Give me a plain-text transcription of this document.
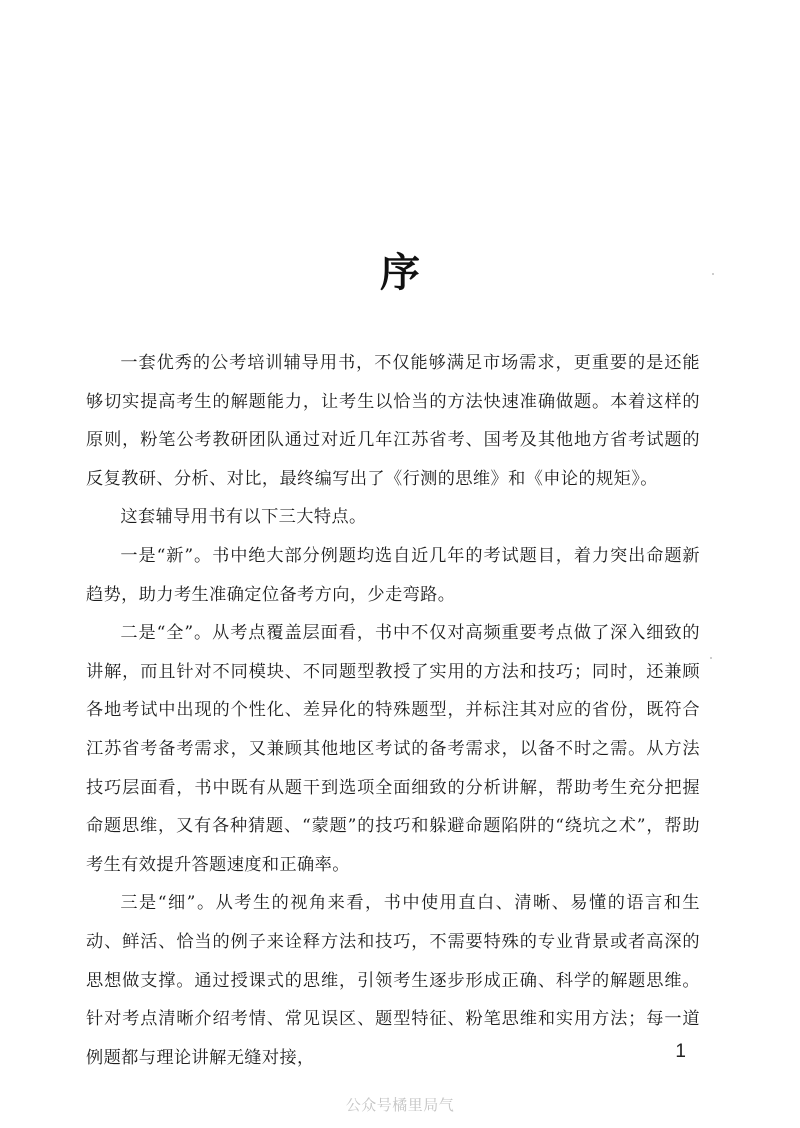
序

一套优秀的公考培训辅导用书，不仅能够满足市场需求，更重要的是还能够切实提高考生的解题能力，让考生以恰当的方法快速准确做题。本着这样的原则，粉笔公考教研团队通过对近几年江苏省考、国考及其他地方省考试题的反复教研、分析、对比，最终编写出了《行测的思维》和《申论的规矩》。

这套辅导用书有以下三大特点。

一是“新”。书中绝大部分例题均选自近几年的考试题目，着力突出命题新趋势，助力考生准确定位备考方向，少走弯路。

二是“全”。从考点覆盖层面看，书中不仅对高频重要考点做了深入细致的讲解，而且针对不同模块、不同题型教授了实用的方法和技巧；同时，还兼顾各地考试中出现的个性化、差异化的特殊题型，并标注其对应的省份，既符合江苏省考备考需求，又兼顾其他地区考试的备考需求，以备不时之需。从方法技巧层面看，书中既有从题干到选项全面细致的分析讲解，帮助考生充分把握命题思维，又有各种猜题、“蒙题”的技巧和躲避命题陷阱的“绕坑之术”，帮助考生有效提升答题速度和正确率。

三是“细”。从考生的视角来看，书中使用直白、清晰、易懂的语言和生动、鲜活、恰当的例子来诠释方法和技巧，不需要特殊的专业背景或者高深的思想做支撑。通过授课式的思维，引领考生逐步形成正确、科学的解题思维。针对考点清晰介绍考情、常见误区、题型特征、粉笔思维和实用方法；每一道例题都与理论讲解无缝对接，	1
公众号橘里局气
